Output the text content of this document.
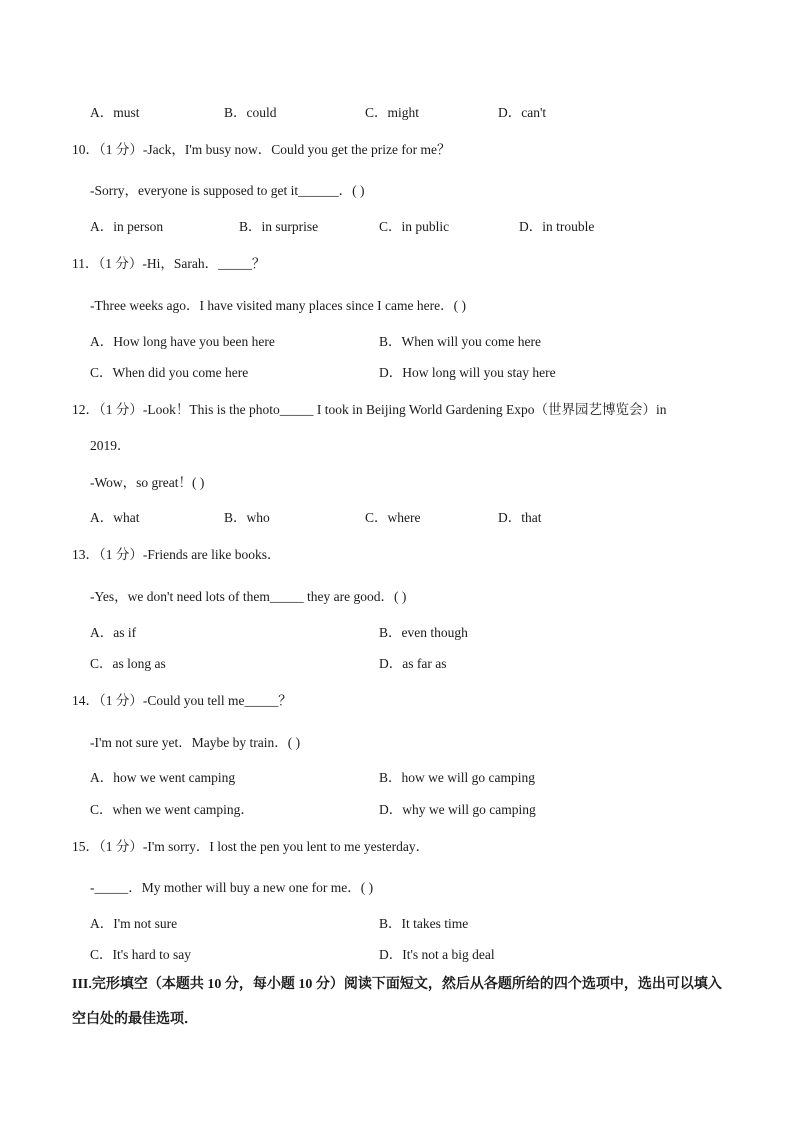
A．must	B．could	C．might	D．can't
10．（1 分）-Jack，I'm busy now．Could you get the prize for me？
-Sorry，everyone is supposed to get it______．( )
A．in person	B．in surprise	C．in public	D．in trouble
11．（1 分）-Hi，Sarah．_____？
-Three weeks ago．I have visited many places since I came here．( )
A．How long have you been here	B．When will you come here
C．When did you come here	D．How long will you stay here
12．（1 分）-Look！This is the photo_____ I took in Beijing World Gardening Expo（世界园艺博览会）in
2019．
-Wow，so great！( )
A．what	B．who	C．where	D．that
13．（1 分）-Friends are like books．
-Yes，we don't need lots of them_____ they are good．( )
A．as if	B．even though
C．as long as	D．as far as
14．（1 分）-Could you tell me_____？
-I'm not sure yet．Maybe by train．( )
A．how we went camping	B．how we will go camping
C．when we went camping．	D．why we will go camping
15．（1 分）-I'm sorry．I lost the pen you lent to me yesterday．
-_____．My mother will buy a new one for me．( )
A．I'm not sure	B．It takes time
C．It's hard to say	D．It's not a big deal
III.完形填空（本题共 10 分，每小题 10 分）阅读下面短文，然后从各题所给的四个选项中，选出可以填入
空白处的最佳选项．
